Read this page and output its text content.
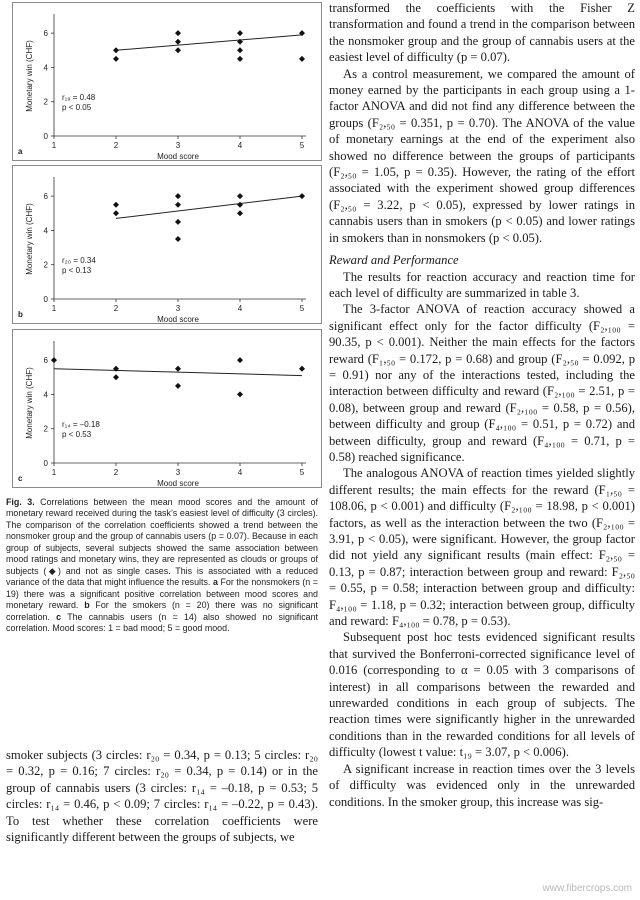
1	2	3	4	5
0
2
4
6
Mood score
Monetary win (CHF)
a
r₁₉ = 0.48
p < 0.05
1	2	3	4	5
0
2
4
6
Mood score
Monetary win (CHF)
b
r₂₀ = 0.34
p < 0.13
1	2	3	4	5
0
2
4
6
Mood score
Monetary win (CHF)
c
r₁₄ = –0.18
p < 0.53
Fig. 3. Correlations between the mean mood scores and the amount of monetary reward received during the task’s easiest level of difficulty (3 circles). The comparison of the correlation coefficients showed a trend between the nonsmoker group and the group of cannabis users (p = 0.07). Because in each group of subjects, several subjects showed the same association between mood ratings and monetary wins, they are represented as clouds or groups of subjects (◆) and not as single cases. This is associated with a reduced variance of the data that might influence the results. a For the nonsmokers (n = 19) there was a significant positive correlation between mood scores and monetary reward. b For the smokers (n = 20) there was no significant correlation. c The cannabis users (n = 14) also showed no significant correlation. Mood scores: 1 = bad mood; 5 = good mood.
smoker subjects (3 circles: r₂₀ = 0.34, p = 0.13; 5 circles: r₂₀ = 0.32, p = 0.16; 7 circles: r₂₀ = 0.34, p = 0.14) or in the group of cannabis users (3 circles: r₁₄ = –0.18, p = 0.53; 5 circles: r₁₄ = 0.46, p < 0.09; 7 circles: r₁₄ = –0.22, p = 0.43). To test whether these correlation coefficients were significantly different between the groups of subjects, we

transformed the coefficients with the Fisher Z transformation and found a trend in the comparison between the nonsmoker group and the group of cannabis users at the easiest level of difficulty (p = 0.07).

As a control measurement, we compared the amount of money earned by the participants in each group using a 1-factor ANOVA and did not find any difference between the groups (F₂,₅₀ = 0.351, p = 0.70). The ANOVA of the value of monetary earnings at the end of the experiment also showed no difference between the groups of participants (F₂,₅₀ = 1.05, p = 0.35). However, the rating of the effort associated with the experiment showed group differences (F₂,₅₀ = 3.22, p < 0.05), expressed by lower ratings in cannabis users than in smokers (p < 0.05) and lower ratings in smokers than in nonsmokers (p < 0.05).

Reward and Performance

The results for reaction accuracy and reaction time for each level of difficulty are summarized in table 3.

The 3-factor ANOVA of reaction accuracy showed a significant effect only for the factor difficulty (F₂,₁₀₀ = 90.35, p < 0.001). Neither the main effects for the factors reward (F₁,₅₀ = 0.172, p = 0.68) and group (F₂,₅₀ = 0.092, p = 0.91) nor any of the interactions tested, including the interaction between difficulty and reward (F₂,₁₀₀ = 2.51, p = 0.08), between group and reward (F₂,₁₀₀ = 0.58, p = 0.56), between difficulty and group (F₄,₁₀₀ = 0.51, p = 0.72) and between difficulty, group and reward (F₄,₁₀₀ = 0.71, p = 0.58) reached significance.

The analogous ANOVA of reaction times yielded slightly different results; the main effects for the reward (F₁,₅₀ = 108.06, p < 0.001) and difficulty (F₂,₁₀₀ = 18.98, p < 0.001) factors, as well as the interaction between the two (F₂,₁₀₀ = 3.91, p < 0.05), were significant. However, the group factor did not yield any significant results (main effect: F₂,₅₀ = 0.13, p = 0.87; interaction between group and reward: F₂,₅₀ = 0.55, p = 0.58; interaction between group and difficulty: F₄,₁₀₀ = 1.18, p = 0.32; interaction between group, difficulty and reward: F₄,₁₀₀ = 0.78, p = 0.53).

Subsequent post hoc tests evidenced significant results that survived the Bonferroni-corrected significance level of 0.016 (corresponding to α = 0.05 with 3 comparisons of interest) in all comparisons between the rewarded and unrewarded conditions in each group of subjects. The reaction times were significantly higher in the unrewarded conditions than in the rewarded conditions for all levels of difficulty (lowest t value: t₁₉ = 3.07, p < 0.006).

A significant increase in reaction times over the 3 levels of difficulty was evidenced only in the unrewarded conditions. In the smoker group, this increase was sig-

www.fibercrops.com
